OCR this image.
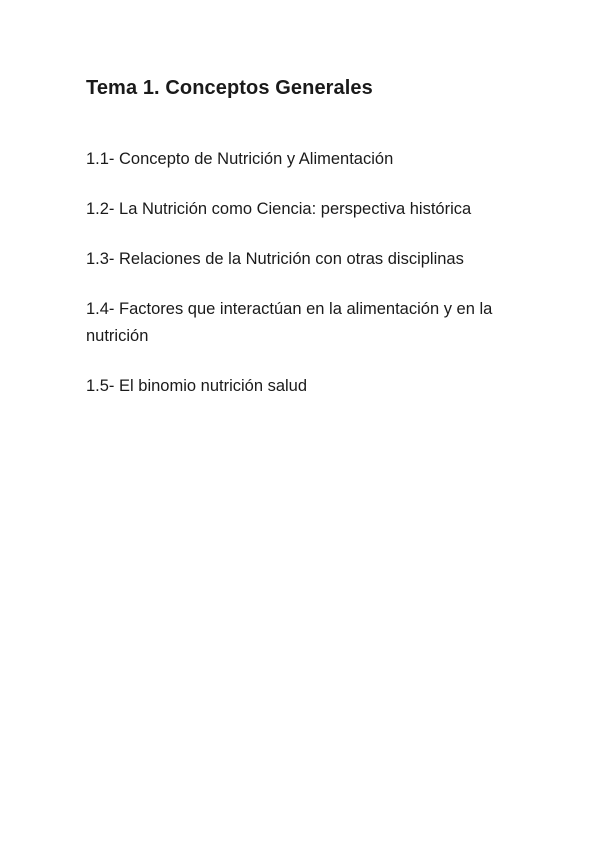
Tema 1. Conceptos Generales
1.1- Concepto de Nutrición y Alimentación
1.2- La Nutrición como Ciencia: perspectiva histórica
1.3- Relaciones de la Nutrición con otras disciplinas
1.4- Factores que interactúan en la alimentación y en la nutrición
1.5- El binomio nutrición salud
